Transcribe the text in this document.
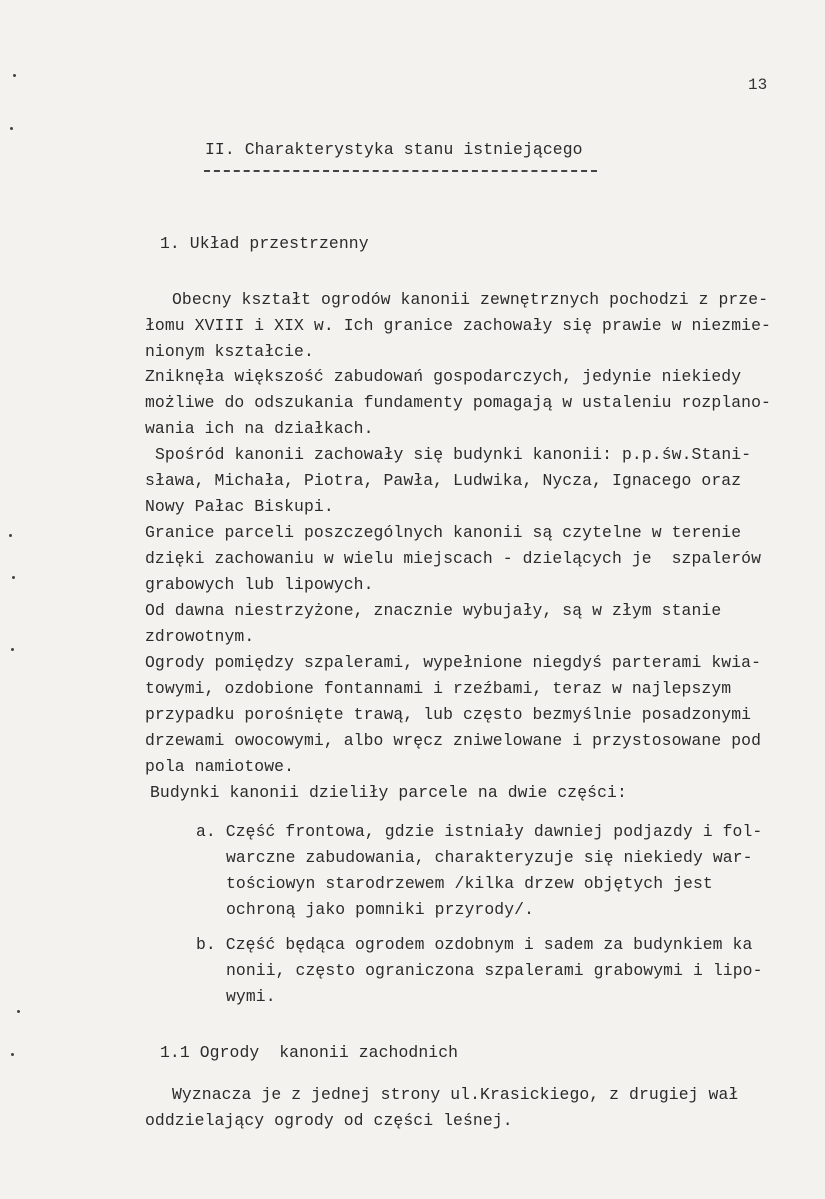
13
II. Charakterystyka stanu istniejącego
1. Układ przestrzenny
Obecny kształt ogrodów kanonii zewnętrznych pochodzi z prze-
łomu XVIII i XIX w. Ich granice zachowały się prawie w niezmie-
nionym kształcie.
Zniknęła większość zabudowań gospodarczych, jedynie niekiedy
możliwe do odszukania fundamenty pomagają w ustaleniu rozplano-
wania ich na działkach.
Spośród kanonii zachowały się budynki kanonii: p.p.św.Stani-
sława, Michała, Piotra, Pawła, Ludwika, Nycza, Ignacego oraz
Nowy Pałac Biskupi.
Granice parceli poszczególnych kanonii są czytelne w terenie
dzięki zachowaniu w wielu miejscach - dzielących je  szpalerów
grabowych lub lipowych.
Od dawna niestrzyżone, znacznie wybujały, są w złym stanie
zdrowotnym.
Ogrody pomiędzy szpalerami, wypełnione niegdyś parterami kwia-
towymi, ozdobione fontannami i rzeźbami, teraz w najlepszym
przypadku porośnięte trawą, lub często bezmyślnie posadzonymi
drzewami owocowymi, albo wręcz zniwelowane i przystosowane pod
pola namiotowe.
Budynki kanonii dzieliły parcele na dwie części:
a. Część frontowa, gdzie istniały dawniej podjazdy i fol-
warczne zabudowania, charakteryzuje się niekiedy war-
tościowyn starodrzewem /kilka drzew objętych jest
ochroną jako pomniki przyrody/.
b. Część będąca ogrodem ozdobnym i sadem za budynkiem ka
nonii, często ograniczona szpalerami grabowymi i lipo-
wymi.
1.1 Ogrody  kanonii zachodnich
Wyznacza je z jednej strony ul.Krasickiego, z drugiej wał
oddzielający ogrody od części leśnej.
